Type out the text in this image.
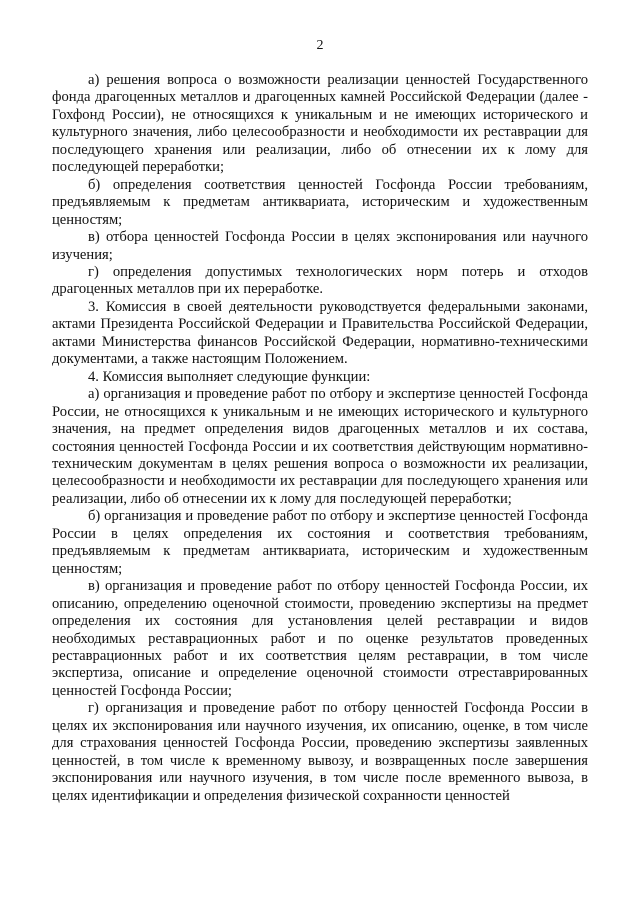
2

а) решения вопроса о возможности реализации ценностей Государственного фонда драгоценных металлов и драгоценных камней Российской Федерации (далее - Гохфонд России), не относящихся к уникальным и не имеющих исторического и культурного значения, либо целесообразности и необходимости их реставрации для последующего хранения или реализации, либо об отнесении их к лому для последующей переработки;

б) определения соответствия ценностей Госфонда России требованиям, предъявляемым к предметам антиквариата, историческим и художественным ценностям;

в) отбора ценностей Госфонда России в целях экспонирования или научного изучения;

г) определения допустимых технологических норм потерь и отходов драгоценных металлов при их переработке.

3. Комиссия в своей деятельности руководствуется федеральными законами, актами Президента Российской Федерации и Правительства Российской Федерации, актами Министерства финансов Российской Федерации, нормативно-техническими документами, а также настоящим Положением.

4. Комиссия выполняет следующие функции:

а) организация и проведение работ по отбору и экспертизе ценностей Госфонда России, не относящихся к уникальным и не имеющих исторического и культурного значения, на предмет определения видов драгоценных металлов и их состава, состояния ценностей Госфонда России и их соответствия действующим нормативно-техническим документам в целях решения вопроса о возможности их реализации, целесообразности и необходимости их реставрации для последующего хранения или реализации, либо об отнесении их к лому для последующей переработки;

б) организация и проведение работ по отбору и экспертизе ценностей Госфонда России в целях определения их состояния и соответствия требованиям, предъявляемым к предметам антиквариата, историческим и художественным ценностям;

в) организация и проведение работ по отбору ценностей Госфонда России, их описанию, определению оценочной стоимости, проведению экспертизы на предмет определения их состояния для установления целей реставрации и видов необходимых реставрационных работ и по оценке результатов проведенных реставрационных работ и их соответствия целям реставрации, в том числе экспертиза, описание и определение оценочной стоимости отреставрированных ценностей Госфонда России;

г) организация и проведение работ по отбору ценностей Госфонда России в целях их экспонирования или научного изучения, их описанию, оценке, в том числе для страхования ценностей Госфонда России, проведению экспертизы заявленных ценностей, в том числе к временному вывозу, и возвращенных после завершения экспонирования или научного изучения, в том числе после временного вывоза, в целях идентификации и определения физической сохранности ценностей
